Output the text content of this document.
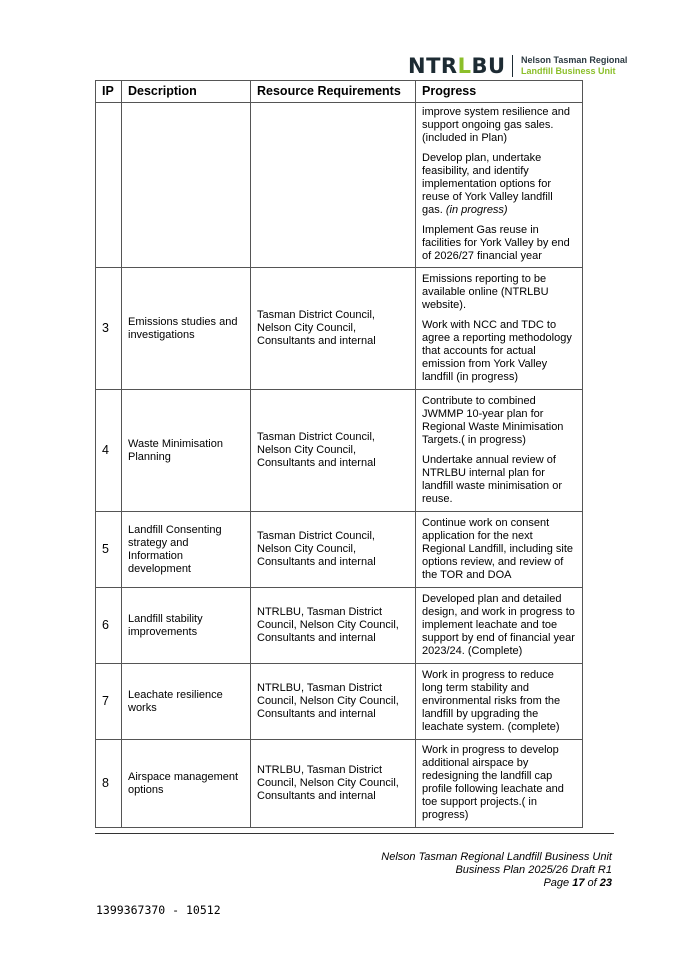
NTRLBU Nelson Tasman Regional
Landfill Business Unit
IP	Description	Resource Requirements	Progress

			improve system resilience and support ongoing gas sales. (included in Plan)

Develop plan, undertake feasibility, and identify implementation options for reuse of York Valley landfill gas. (in progress)

Implement Gas reuse in facilities for York Valley by end of 2026/27 financial year

3	Emissions studies and investigations	Tasman District Council, Nelson City Council, Consultants and internal	Emissions reporting to be available online (NTRLBU website).

Work with NCC and TDC to agree a reporting methodology that accounts for actual emission from York Valley landfill (in progress)

4	Waste Minimisation Planning	Tasman District Council, Nelson City Council, Consultants and internal	Contribute to combined JWMMP 10-year plan for Regional Waste Minimisation Targets.( in progress)

Undertake annual review of NTRLBU internal plan for landfill waste minimisation or reuse.

5	Landfill Consenting strategy and Information development	Tasman District Council, Nelson City Council, Consultants and internal	Continue work on consent application for the next Regional Landfill, including site options review, and review of the TOR and DOA

6	Landfill stability improvements	NTRLBU, Tasman District Council, Nelson City Council, Consultants and internal	Developed plan and detailed design, and work in progress to implement leachate and toe support by end of financial year 2023/24. (Complete)

7	Leachate resilience works	NTRLBU, Tasman District Council, Nelson City Council, Consultants and internal	Work in progress to reduce long term stability and environmental risks from the landfill by upgrading the leachate system. (complete)

8	Airspace management options	NTRLBU, Tasman District Council, Nelson City Council, Consultants and internal	Work in progress to develop additional airspace by redesigning the landfill cap profile following leachate and toe support projects.( in progress)

Nelson Tasman Regional Landfill Business Unit
Business Plan 2025/26 Draft R1
Page 17 of 23
1399367370 - 10512
